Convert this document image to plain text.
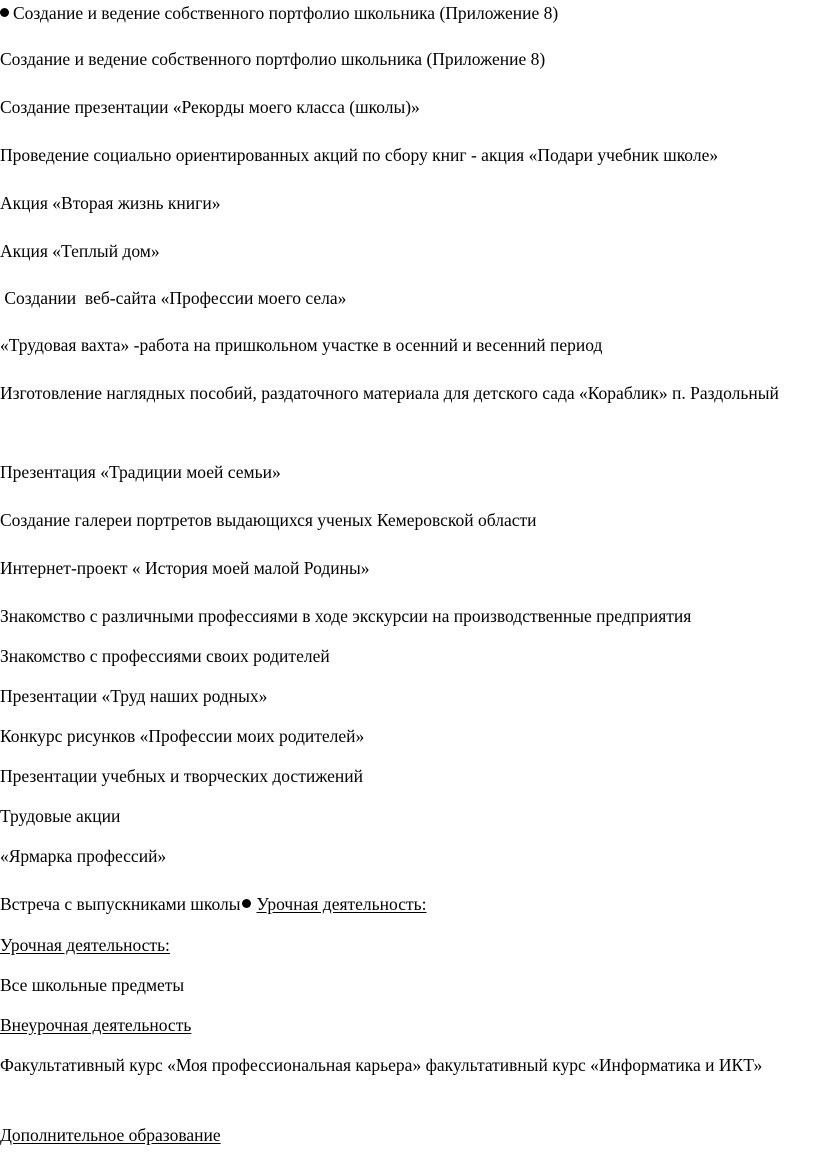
Создание и ведение собственного портфолио школьника (Приложение 8)
Создание и ведение собственного портфолио школьника (Приложение 8)
Создание презентации «Рекорды моего класса (школы)»
Проведение социально ориентированных акций по сбору книг - акция «Подари учебник школе»
Акция «Вторая жизнь книги»
Акция «Теплый дом»
Создании  веб-сайта «Профессии моего села»
«Трудовая вахта» -работа на пришкольном участке в осенний и весенний период
Изготовление наглядных пособий, раздаточного материала для детского сада «Кораблик» п. Раздольный
Презентация «Традиции моей семьи»
Создание галереи портретов выдающихся ученых Кемеровской области
Интернет-проект « История моей малой Родины»
Знакомство с различными профессиями в ходе экскурсии на производственные предприятия
Знакомство с профессиями своих родителей
Презентации «Труд наших родных»
Конкурс рисунков «Профессии моих родителей»
Презентации учебных и творческих достижений
Трудовые акции
«Ярмарка профессий»
Встреча с выпускниками школы Урочная деятельность:
Урочная деятельность:
Все школьные предметы
Внеурочная деятельность
Факультативный курс «Моя профессиональная карьера» факультативный курс «Информатика и ИКТ»
Дополнительное образование
